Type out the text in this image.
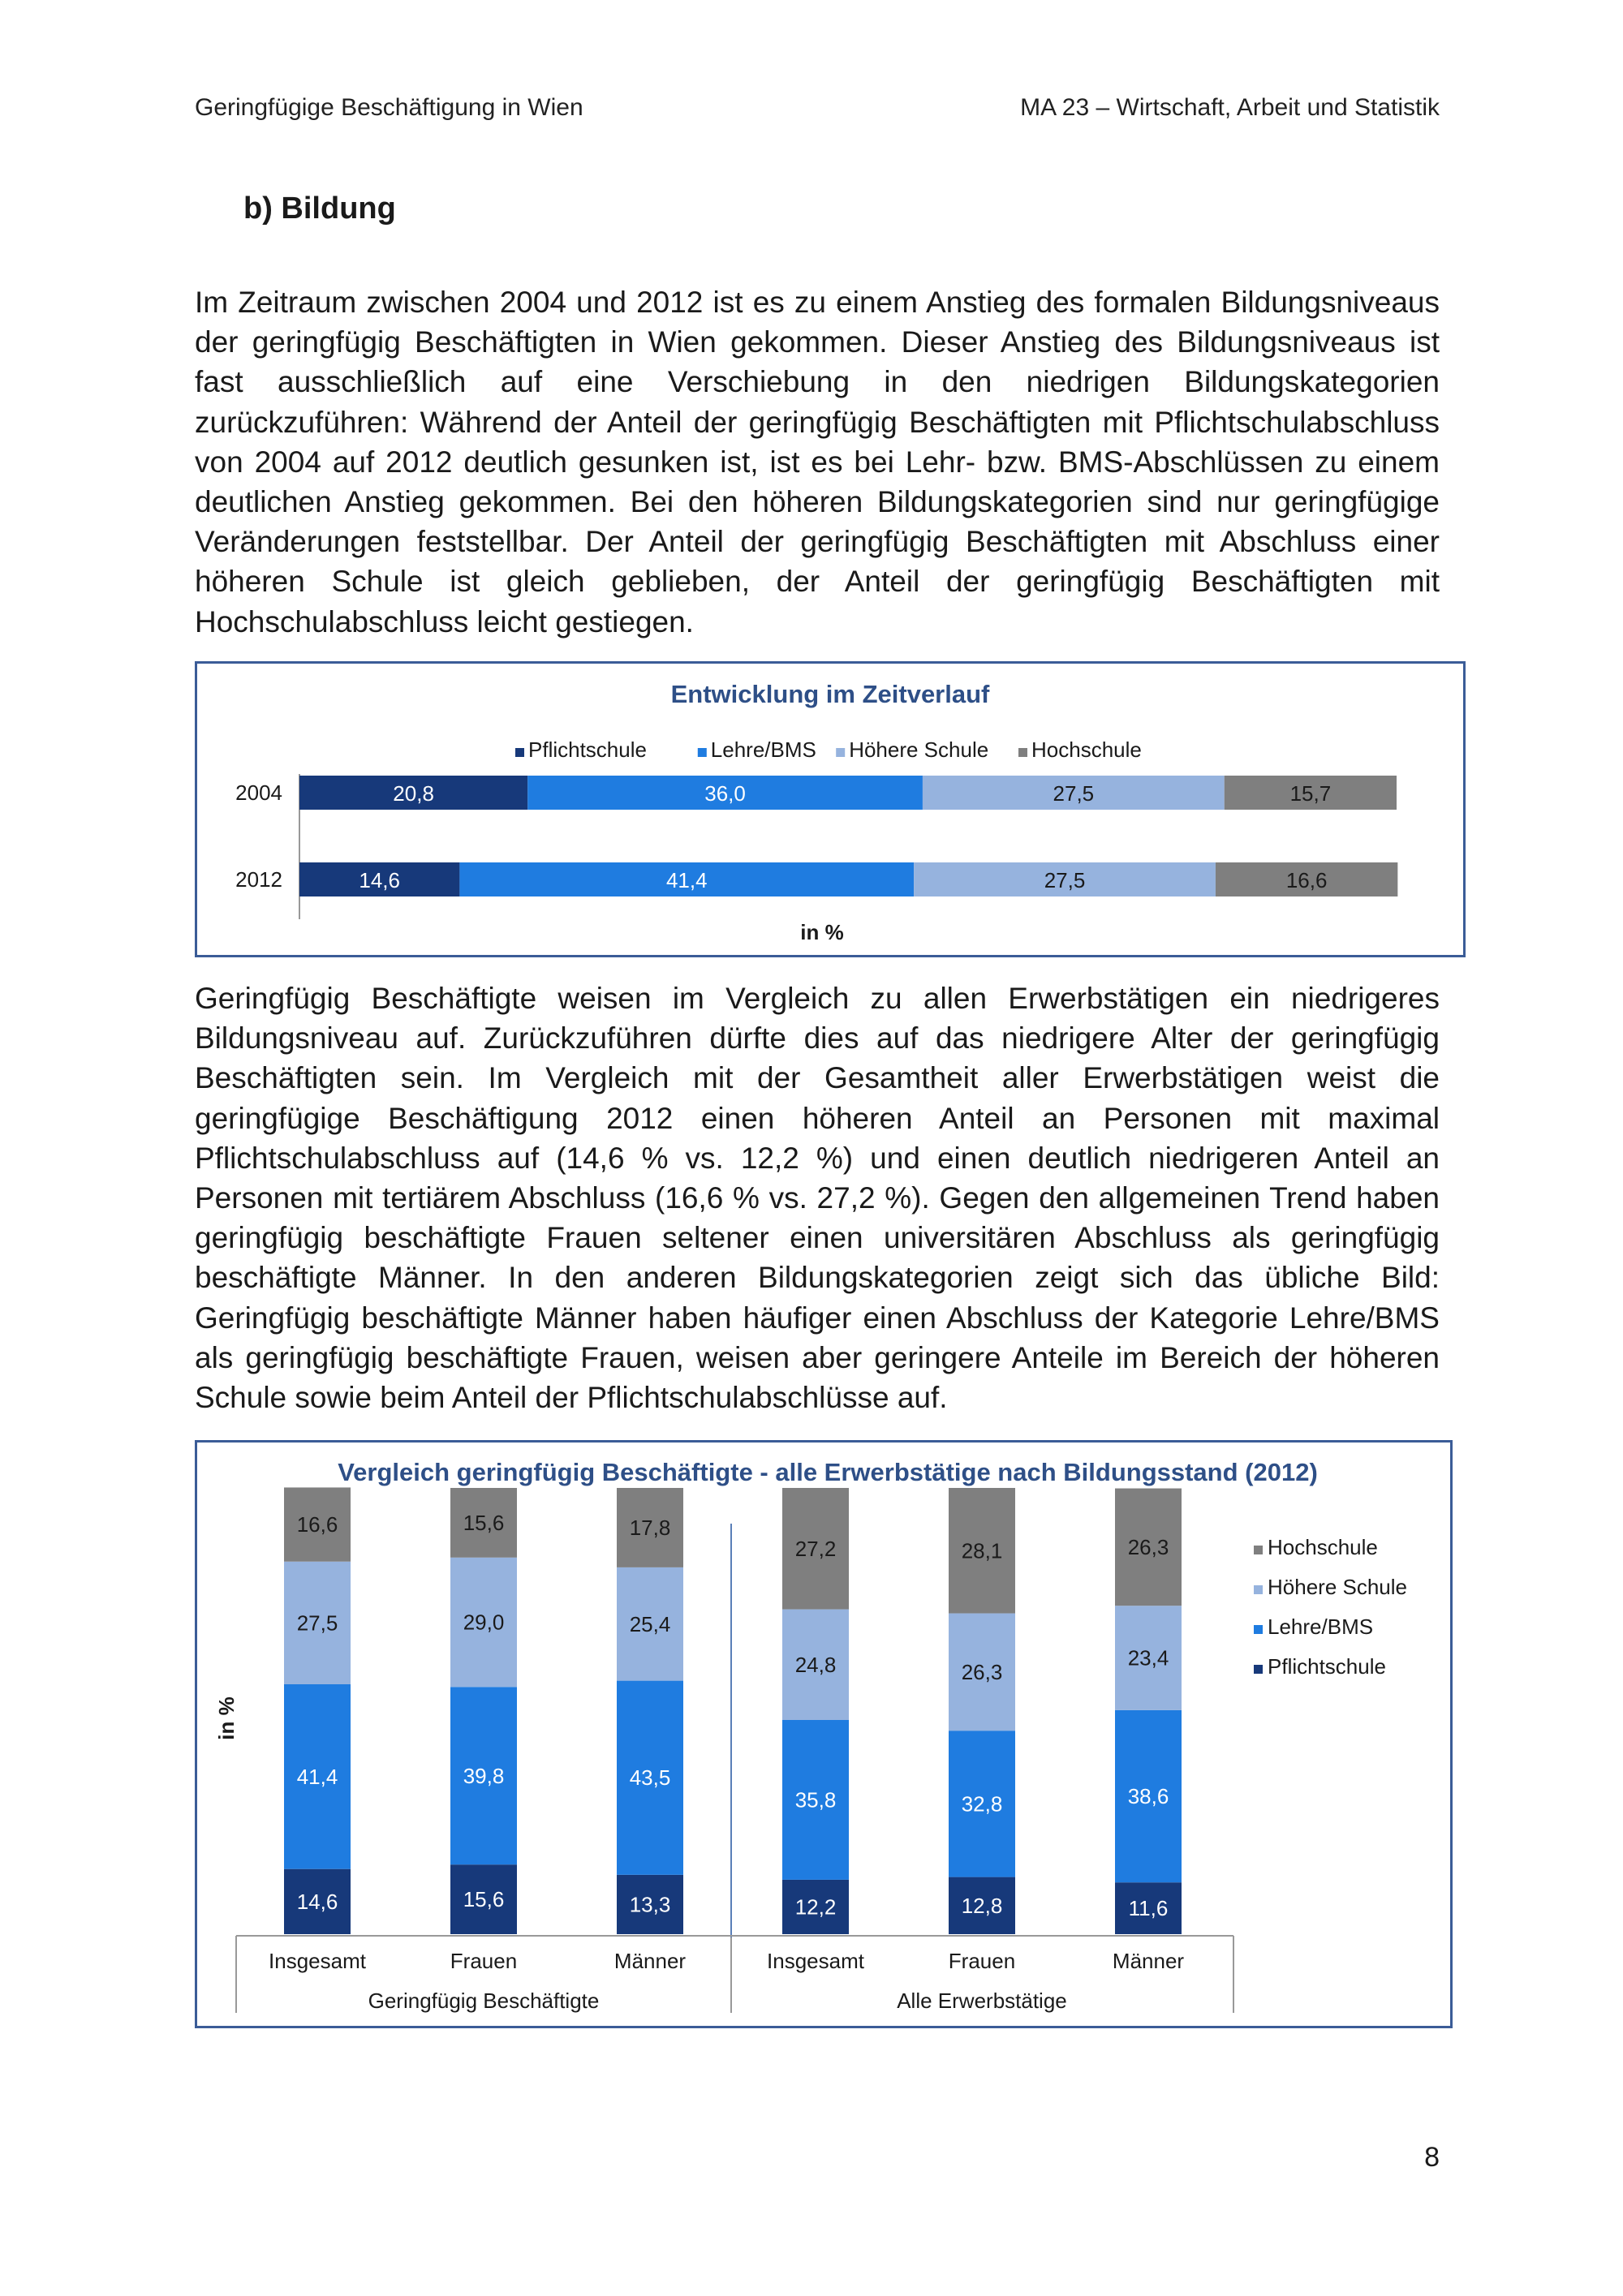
Geringfügige Beschäftigung in Wien	MA 23 – Wirtschaft, Arbeit und Statistik
b) Bildung

Im Zeitraum zwischen 2004 und 2012 ist es zu einem Anstieg des formalen Bildungsniveaus der geringfügig Beschäftigten in Wien gekommen. Dieser Anstieg des Bildungsniveaus ist fast ausschließlich auf eine Verschiebung in den niedrigen Bildungskategorien zurückzuführen: Während der Anteil der geringfügig Beschäftigten mit Pflichtschulabschluss von 2004 auf 2012 deutlich gesunken ist, ist es bei Lehr- bzw. BMS-Abschlüssen zu einem deutlichen Anstieg gekommen. Bei den höheren Bildungskategorien sind nur geringfügige Veränderungen feststellbar. Der Anteil der geringfügig Beschäftigten mit Abschluss einer höheren Schule ist gleich geblieben, der Anteil der geringfügig Beschäftigten mit Hochschulabschluss leicht gestiegen.

Entwicklung im Zeitverlauf
Pflichtschule	Lehre/BMS Höhere Schule Hochschule
2004	20,8	36,0	27,5	15,7
2012	14,6	41,4	27,5	16,6
in %

Geringfügig Beschäftigte weisen im Vergleich zu allen Erwerbstätigen ein niedrigeres Bildungsniveau auf. Zurückzuführen dürfte dies auf das niedrigere Alter der geringfügig Beschäftigten sein. Im Vergleich mit der Gesamtheit aller Erwerbstätigen weist die geringfügige Beschäftigung 2012 einen höheren Anteil an Personen mit maximal Pflichtschulabschluss auf (14,6 % vs. 12,2 %) und einen deutlich niedrigeren Anteil an Personen mit tertiärem Abschluss (16,6 % vs. 27,2 %). Gegen den allgemeinen Trend haben geringfügig beschäftigte Frauen seltener einen universitären Abschluss als geringfügig beschäftigte Männer. In den anderen Bildungskategorien zeigt sich das übliche Bild: Geringfügig beschäftigte Männer haben häufiger einen Abschluss der Kategorie Lehre/BMS als geringfügig beschäftigte Frauen, weisen aber geringere Anteile im Bereich der höheren Schule sowie beim Anteil der Pflichtschulabschlüsse auf.

Vergleich geringfügig Beschäftigte - alle Erwerbstätige nach Bildungsstand (2012)
in %
14,6
41,4
27,5
16,6
Insgesamt
15,6
39,8
29,0
15,6
Frauen
13,3
43,5
25,4
17,8
Männer
12,2
35,8
24,8
27,2
Insgesamt
12,8
32,8
26,3
28,1
Frauen
11,6
38,6
23,4
26,3
Männer
Geringfügig Beschäftigte	Alle Erwerbstätige
Hochschule
Höhere Schule
Lehre/BMS
Pflichtschule
8
